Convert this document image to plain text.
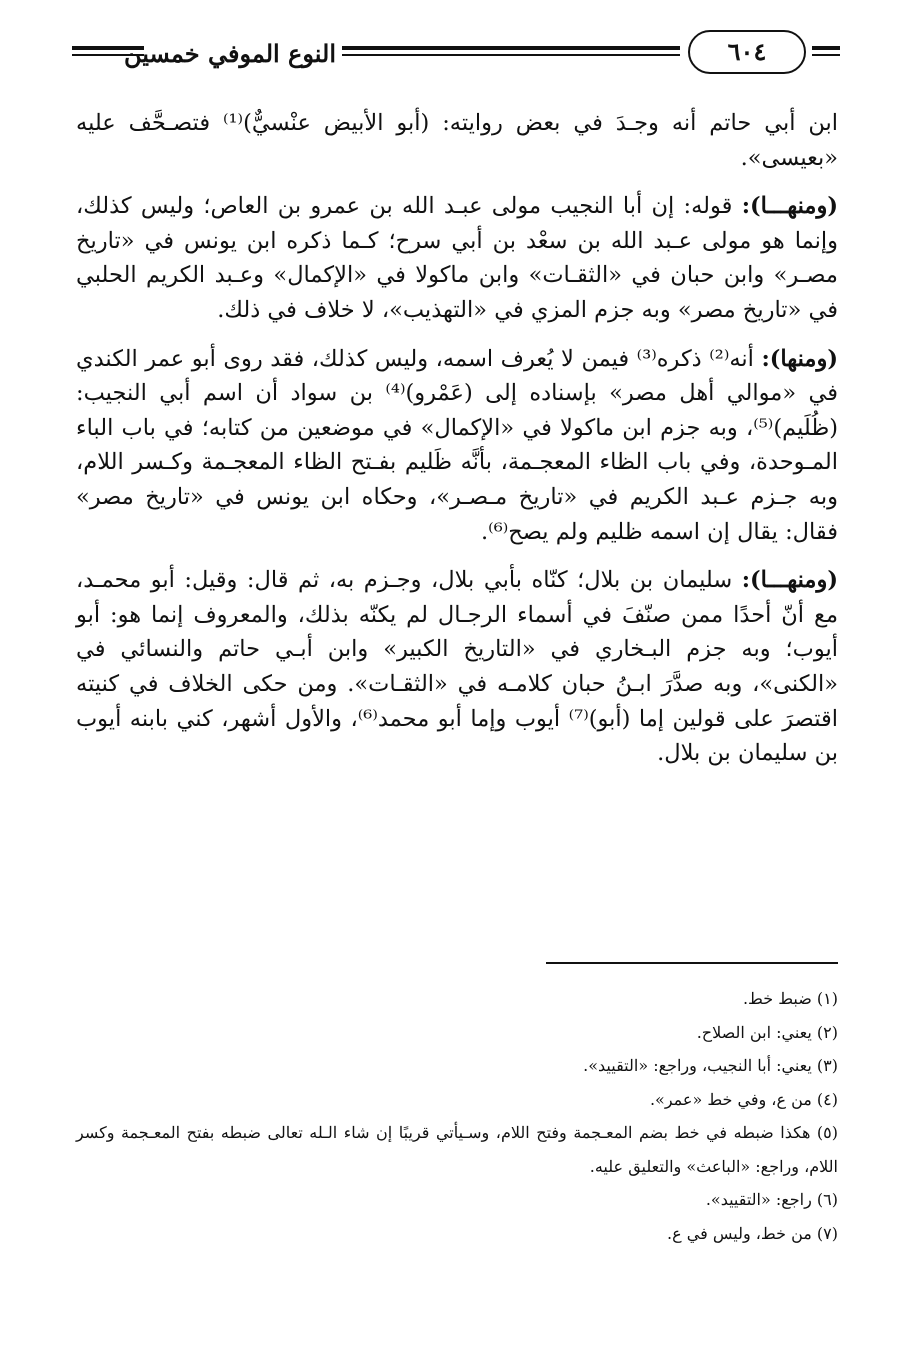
النوع الموفي خمسين	٦٠٤

ابن أبي حاتم أنه وجـدَ في بعض روايته: (أبو الأبيض عنْسيٌّ)⁽¹⁾ فتصـحَّف عليه «بعيسى».

(ومنهـــا): قوله: إن أبا النجيب مولى عبـد الله بن عمرو بن العاص؛ وليس كذلك، وإنما هو مولى عـبد الله بن سعْد بن أبي سرح؛ كـما ذكره ابن يونس في «تاريخ مصـر» وابن حبان في «الثقـات» وابن ماكولا في «الإكمال» وعـبد الكريم الحلبي في «تاريخ مصر» وبه جزم المزي في «التهذيب»، لا خلاف في ذلك.

(ومنها): أنه⁽²⁾ ذكره⁽³⁾ فيمن لا يُعرف اسمه، وليس كذلك، فقد روى أبو عمر الكندي في «موالي أهل مصر» بإسناده إلى (عَمْرو)⁽⁴⁾ بن سواد أن اسم أبي النجيب: (ظُلَيم)⁽⁵⁾، وبه جزم ابن ماكولا في «الإكمال» في موضعين من كتابه؛ في باب الباء المـوحدة، وفي باب الظاء المعجـمة، بأنَّه ظَليم بفـتح الظاء المعجـمة وكـسر اللام، وبه جـزم عـبد الكريم في «تاريخ مـصـر»، وحكاه ابن يونس في «تاريخ مصر» فقال: يقال إن اسمه ظليم ولم يصح⁽⁶⁾.

(ومنهـــا): سليمان بن بلال؛ كنّاه بأبي بلال، وجـزم به، ثم قال: وقيل: أبو محمـد، مع أنّ أحدًا ممن صنّفَ في أسماء الرجـال لم يكنّه بذلك، والمعروف إنما هو: أبو أيوب؛ وبه جزم البـخاري في «التاريخ الكبير» وابن أبـي حاتم والنسائي في «الكنى»، وبه صدَّرَ ابـنُ حبان كلامـه في «الثقـات». ومن حكى الخلاف في كنيته اقتصرَ على قولين إما (أبو)⁽⁷⁾ أيوب وإما أبو محمد⁽⁶⁾، والأول أشهر، كني بابنه أيوب بن سليمان بن بلال.

(١) ضبط خط.

(٢) يعني: ابن الصلاح.

(٣) يعني: أبا النجيب، وراجع: «التقييد».

(٤) من ع، وفي خط «عمر».

(٥) هكذا ضبطه في خط بضم المعـجمة وفتح اللام، وسـيأتي قريبًا إن شاء الـله تعالى ضبطه بفتح المعـجمة وكسر اللام، وراجع: «الباعث» والتعليق عليه.

(٦) راجع: «التقييد».

(٧) من خط، وليس في ع.
